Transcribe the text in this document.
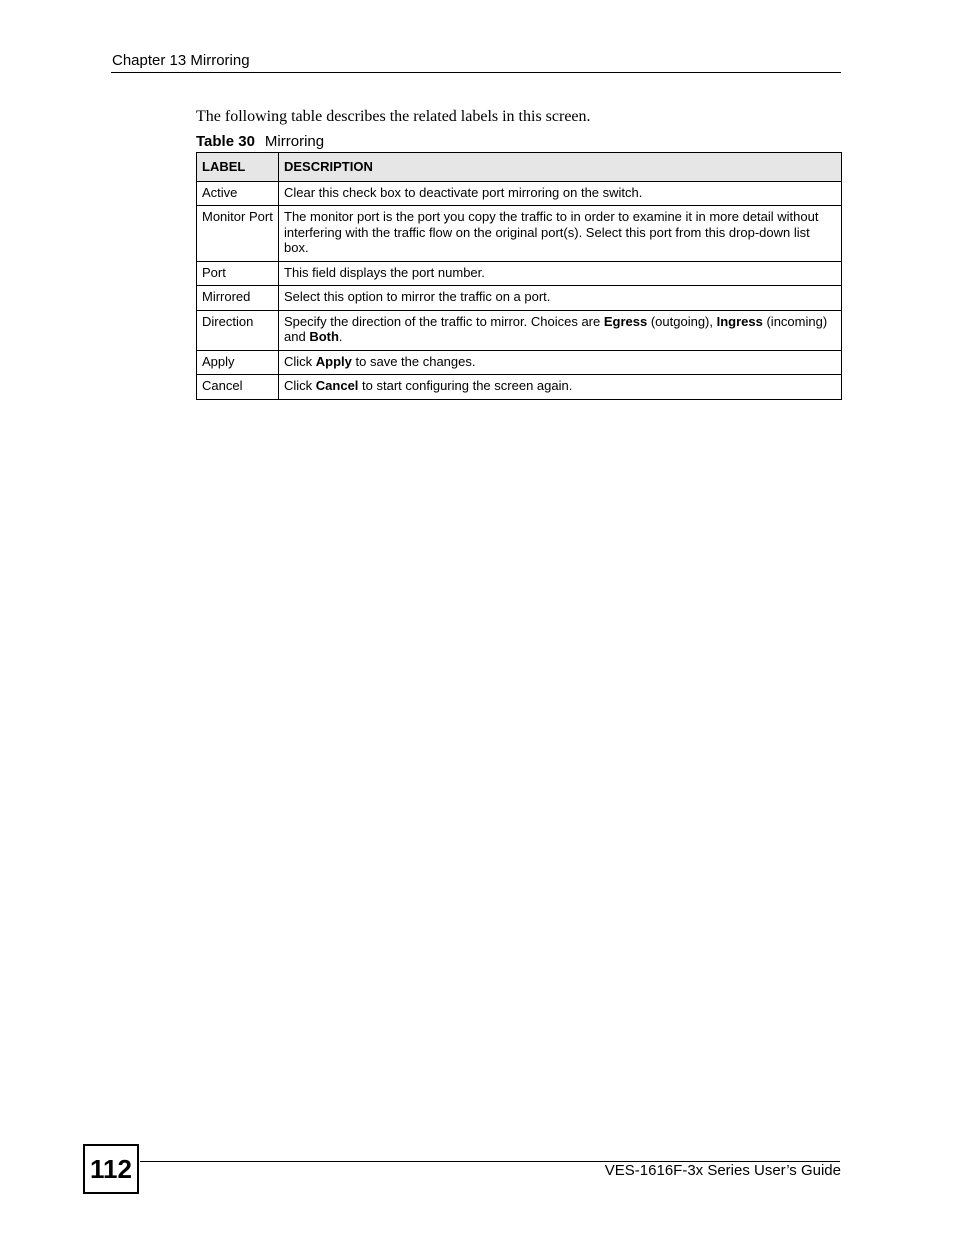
Chapter 13 Mirroring
The following table describes the related labels in this screen.
Table 30 Mirroring
LABEL	DESCRIPTION
Active	Clear this check box to deactivate port mirroring on the switch.
Monitor Port	The monitor port is the port you copy the traffic to in order to examine it in more detail without interfering with the traffic flow on the original port(s). Select this port from this drop-down list box.
Port	This field displays the port number.
Mirrored	Select this option to mirror the traffic on a port.
Direction	Specify the direction of the traffic to mirror. Choices are Egress (outgoing), Ingress (incoming) and Both.
Apply	Click Apply to save the changes.
Cancel	Click Cancel to start configuring the screen again.
112	VES-1616F-3x Series User’s Guide
